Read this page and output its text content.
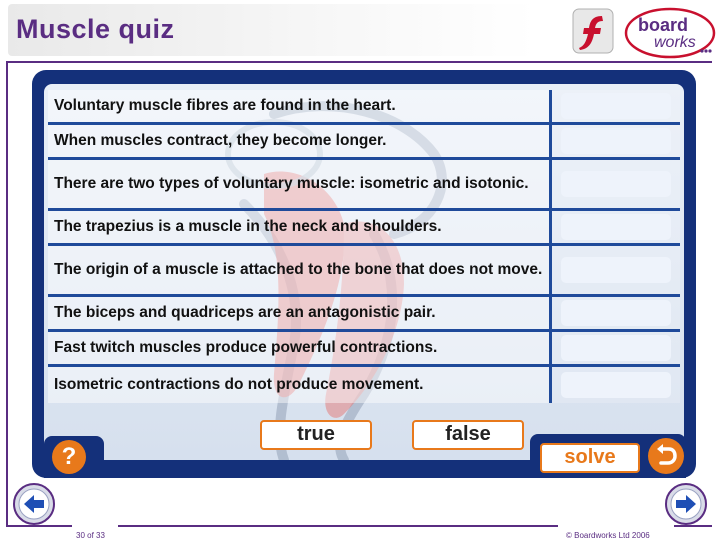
Muscle quiz	board
works
Voluntary muscle fibres are found in the heart.	

When muscles contract, they become longer.	

There are two types of voluntary muscle: isometric and isotonic.	

The trapezius is a muscle in the neck and shoulders.	

The origin of a muscle is attached to the bone that does not move.	

The biceps and quadriceps are an antagonistic pair.	

Fast twitch muscles produce powerful contractions.	

Isometric contractions do not produce movement.	
true	false
?	solve
30 of 33	© Boardworks Ltd 2006
